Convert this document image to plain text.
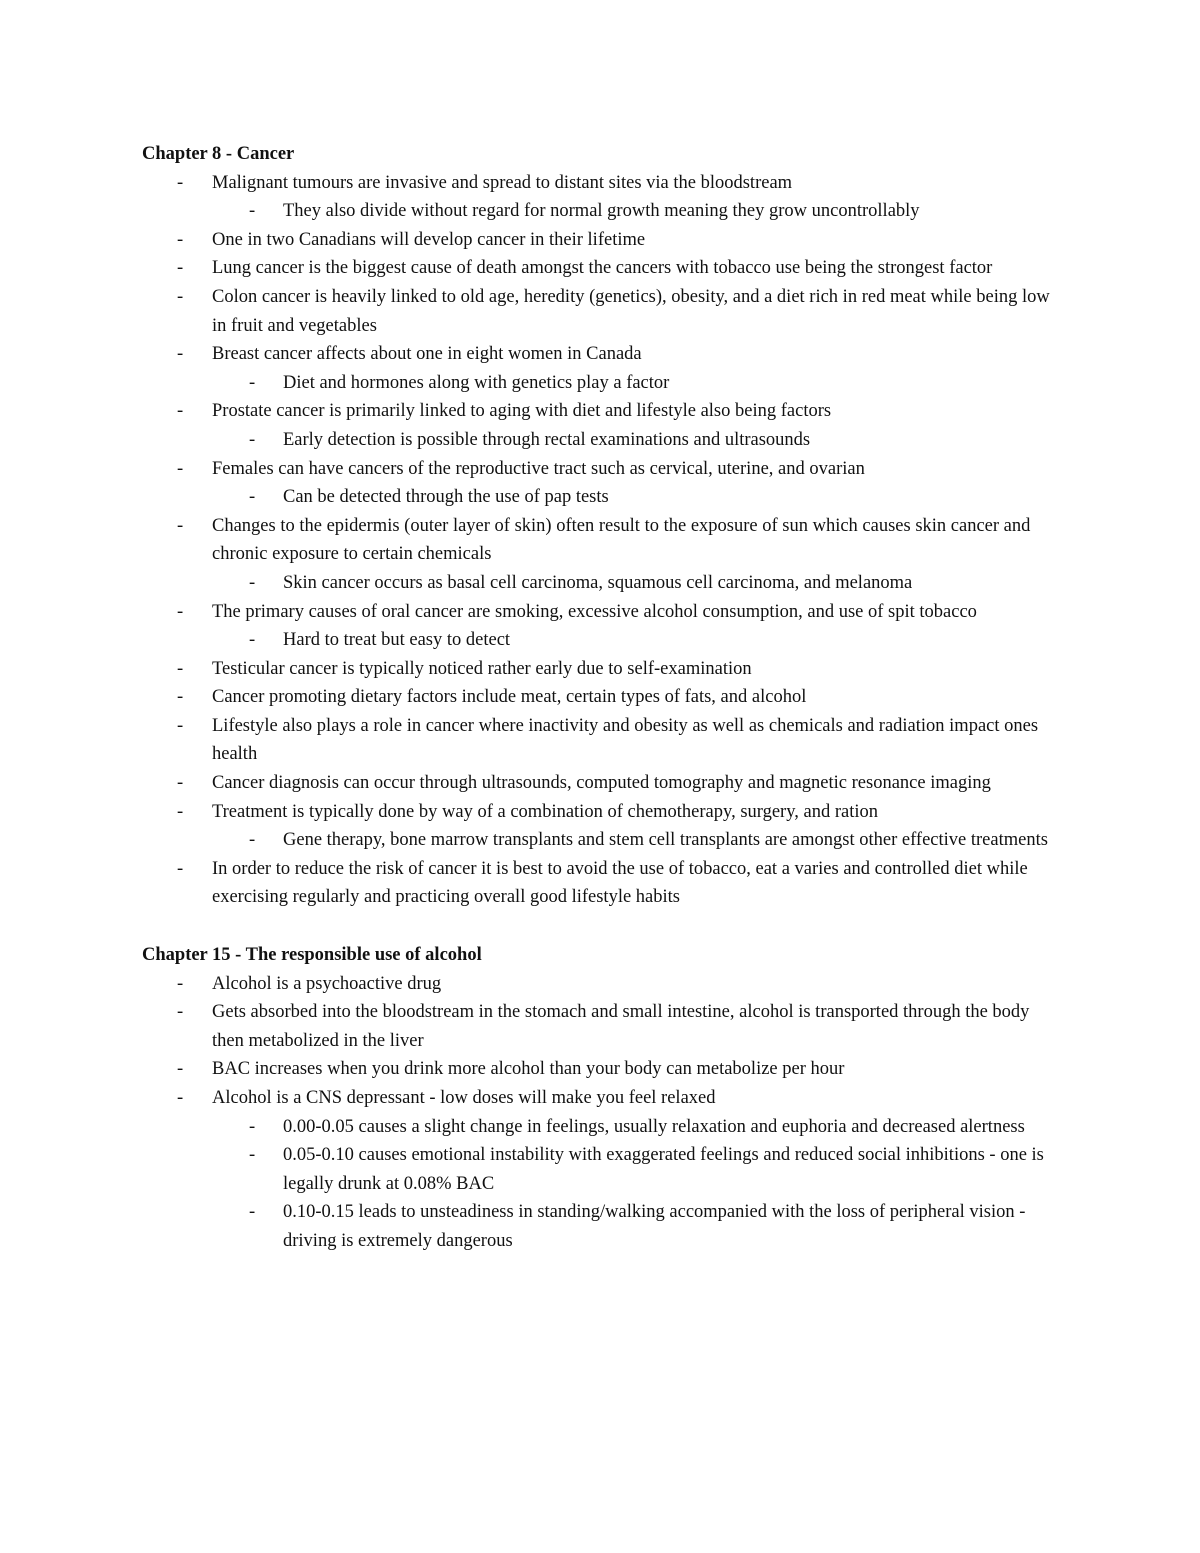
Chapter 8 - Cancer
- Malignant tumours are invasive and spread to distant sites via the bloodstream
- They also divide without regard for normal growth meaning they grow uncontrollably
- One in two Canadians will develop cancer in their lifetime
- Lung cancer is the biggest cause of death amongst the cancers with tobacco use being the strongest factor
- Colon cancer is heavily linked to old age, heredity (genetics), obesity, and a diet rich in red meat while being low in fruit and vegetables
- Breast cancer affects about one in eight women in Canada
- Diet and hormones along with genetics play a factor
- Prostate cancer is primarily linked to aging with diet and lifestyle also being factors
- Early detection is possible through rectal examinations and ultrasounds
- Females can have cancers of the reproductive tract such as cervical, uterine, and ovarian
- Can be detected through the use of pap tests
- Changes to the epidermis (outer layer of skin) often result to the exposure of sun which causes skin cancer and chronic exposure to certain chemicals
- Skin cancer occurs as basal cell carcinoma, squamous cell carcinoma, and melanoma
- The primary causes of oral cancer are smoking, excessive alcohol consumption, and use of spit tobacco
- Hard to treat but easy to detect
- Testicular cancer is typically noticed rather early due to self-examination
- Cancer promoting dietary factors include meat, certain types of fats, and alcohol
- Lifestyle also plays a role in cancer where inactivity and obesity as well as chemicals and radiation impact ones health
- Cancer diagnosis can occur through ultrasounds, computed tomography and magnetic resonance imaging
- Treatment is typically done by way of a combination of chemotherapy, surgery, and ration
- Gene therapy, bone marrow transplants and stem cell transplants are amongst other effective treatments
- In order to reduce the risk of cancer it is best to avoid the use of tobacco, eat a varies and controlled diet while exercising regularly and practicing overall good lifestyle habits
Chapter 15 - The responsible use of alcohol
- Alcohol is a psychoactive drug
- Gets absorbed into the bloodstream in the stomach and small intestine, alcohol is transported through the body then metabolized in the liver
- BAC increases when you drink more alcohol than your body can metabolize per hour
- Alcohol is a CNS depressant - low doses will make you feel relaxed
- 0.00-0.05 causes a slight change in feelings, usually relaxation and euphoria and decreased alertness
- 0.05-0.10 causes emotional instability with exaggerated feelings and reduced social inhibitions - one is legally drunk at 0.08% BAC
- 0.10-0.15 leads to unsteadiness in standing/walking accompanied with the loss of peripheral vision - driving is extremely dangerous
